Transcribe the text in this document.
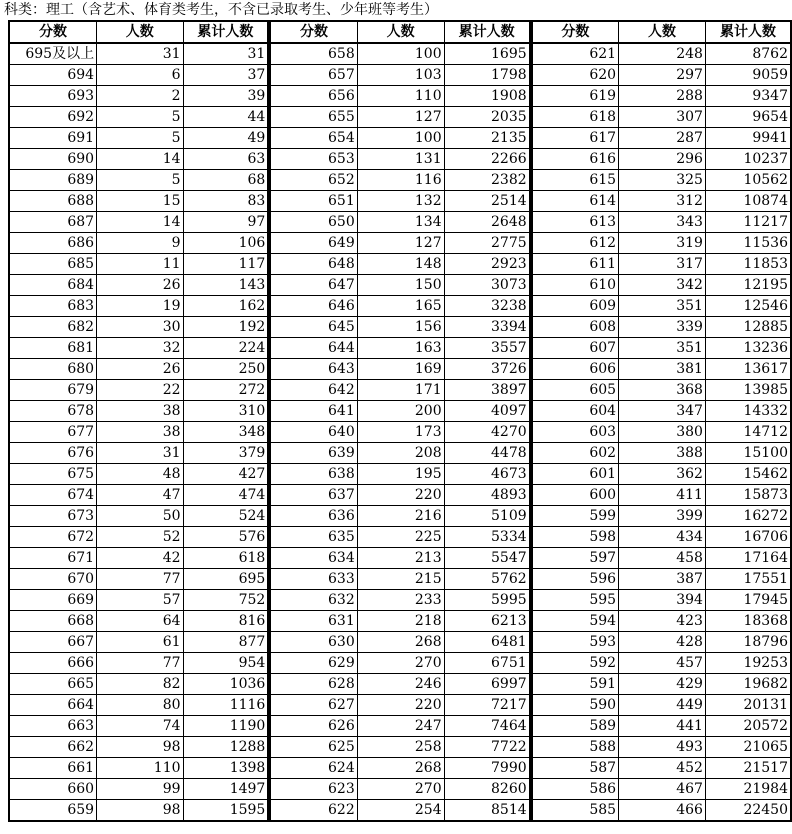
科类：理工（含艺术、体育类考生，不含已录取考生、少年班等考生）
分数	人数	累计人数
695及以上	31	31
694	6	37
693	2	39
692	5	44
691	5	49
690	14	63
689	5	68
688	15	83
687	14	97
686	9	106
685	11	117
684	26	143
683	19	162
682	30	192
681	32	224
680	26	250
679	22	272
678	38	310
677	38	348
676	31	379
675	48	427
674	47	474
673	50	524
672	52	576
671	42	618
670	77	695
669	57	752
668	64	816
667	61	877
666	77	954
665	82	1036
664	80	1116
663	74	1190
662	98	1288
661	110	1398
660	99	1497
659	98	1595
分数	人数	累计人数
658	100	1695
657	103	1798
656	110	1908
655	127	2035
654	100	2135
653	131	2266
652	116	2382
651	132	2514
650	134	2648
649	127	2775
648	148	2923
647	150	3073
646	165	3238
645	156	3394
644	163	3557
643	169	3726
642	171	3897
641	200	4097
640	173	4270
639	208	4478
638	195	4673
637	220	4893
636	216	5109
635	225	5334
634	213	5547
633	215	5762
632	233	5995
631	218	6213
630	268	6481
629	270	6751
628	246	6997
627	220	7217
626	247	7464
625	258	7722
624	268	7990
623	270	8260
622	254	8514
分数	人数	累计人数
621	248	8762
620	297	9059
619	288	9347
618	307	9654
617	287	9941
616	296	10237
615	325	10562
614	312	10874
613	343	11217
612	319	11536
611	317	11853
610	342	12195
609	351	12546
608	339	12885
607	351	13236
606	381	13617
605	368	13985
604	347	14332
603	380	14712
602	388	15100
601	362	15462
600	411	15873
599	399	16272
598	434	16706
597	458	17164
596	387	17551
595	394	17945
594	423	18368
593	428	18796
592	457	19253
591	429	19682
590	449	20131
589	441	20572
588	493	21065
587	452	21517
586	467	21984
585	466	22450
